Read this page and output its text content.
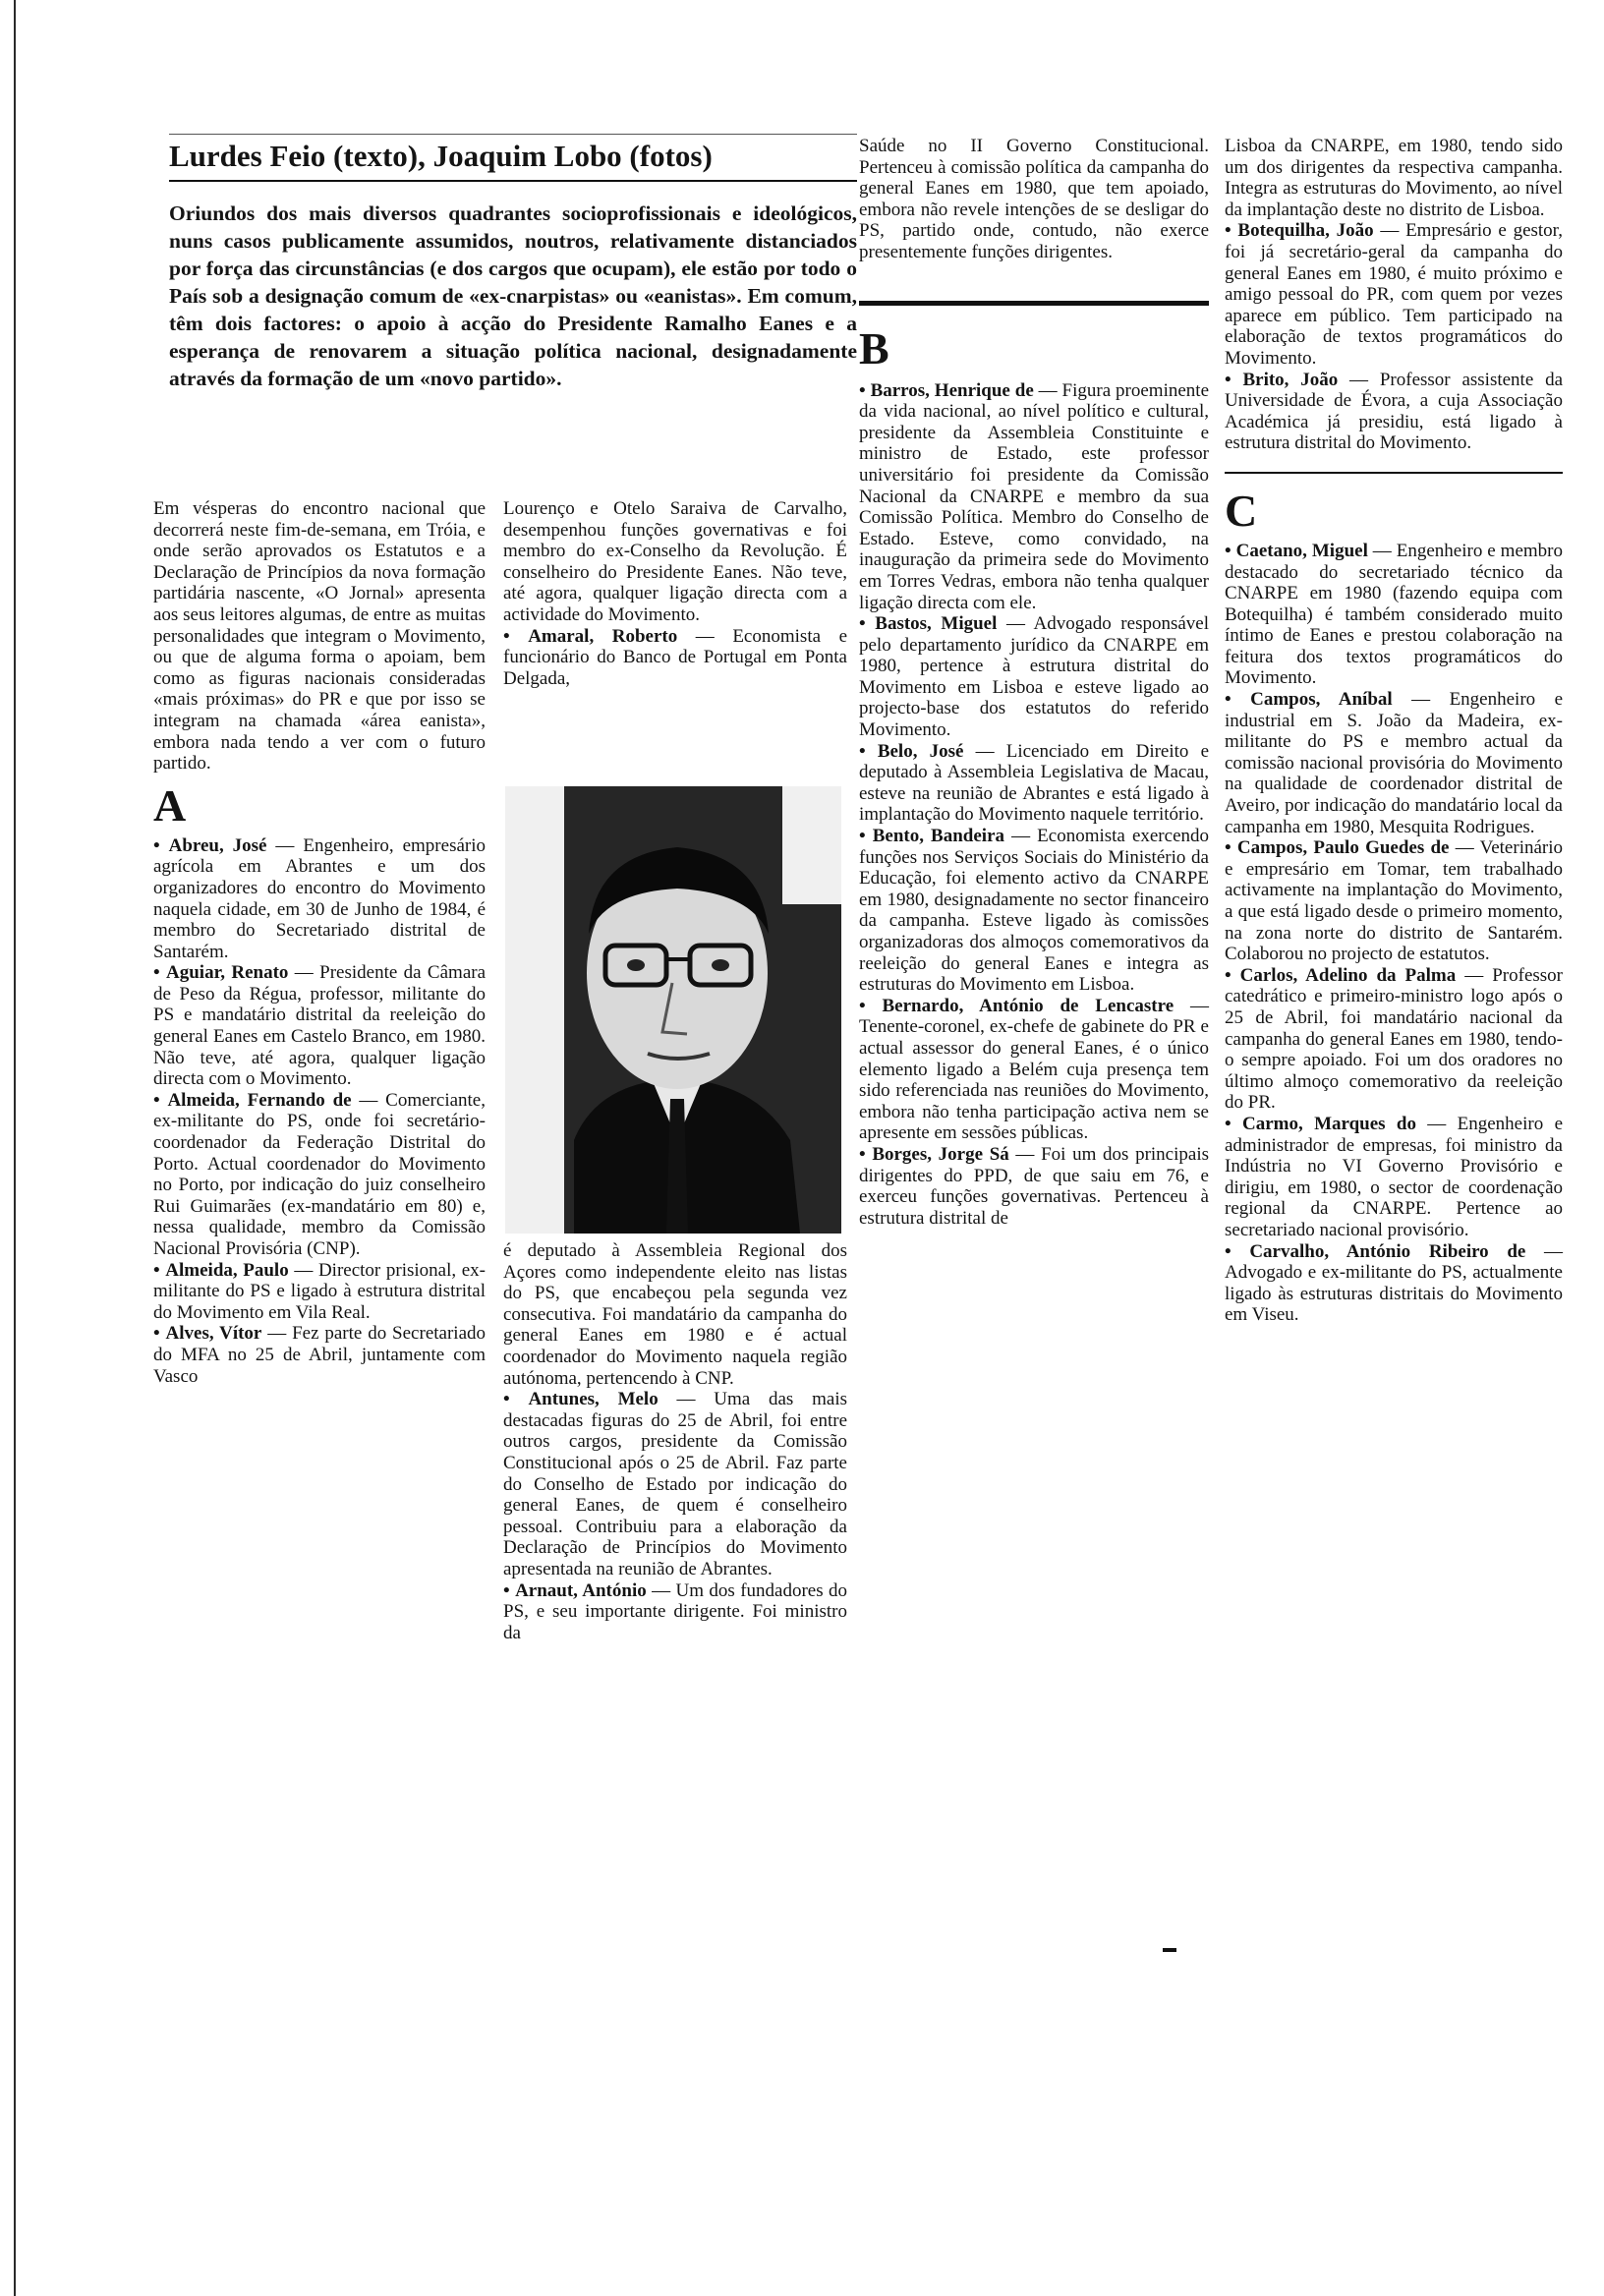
Lurdes Feio (texto), Joaquim Lobo (fotos)
Oriundos dos mais diversos quadrantes socioprofissionais e ideológicos, nuns casos publicamente assumidos, noutros, relativamente distanciados por força das circunstâncias (e dos cargos que ocupam), ele estão por todo o País sob a designação comum de «ex-cnarpistas» ou «eanistas». Em comum, têm dois factores: o apoio à acção do Presidente Ramalho Eanes e a esperança de renovarem a situação política nacional, designadamente através da formação de um «novo partido».

Em vésperas do encontro nacional que decorrerá neste fim-de-semana, em Tróia, e onde serão aprovados os Estatutos e a Declaração de Princípios da nova formação partidária nascente, «O Jornal» apresenta aos seus leitores algumas, de entre as muitas personalidades que integram o Movimento, ou que de alguma forma o apoiam, bem como as figuras nacionais consideradas «mais próximas» do PR e que por isso se integram na chamada «área eanista», embora nada tendo a ver com o futuro partido.

A

• Abreu, José — Engenheiro, empresário agrícola em Abrantes e um dos organizadores do encontro do Movimento naquela cidade, em 30 de Junho de 1984, é membro do Secretariado distrital de Santarém.

• Aguiar, Renato — Presidente da Câmara de Peso da Régua, professor, militante do PS e mandatário distrital da reeleição do general Eanes em Castelo Branco, em 1980. Não teve, até agora, qualquer ligação directa com o Movimento.

• Almeida, Fernando de — Comerciante, ex-militante do PS, onde foi secretário-coordenador da Federação Distrital do Porto. Actual coordenador do Movimento no Porto, por indicação do juiz conselheiro Rui Guimarães (ex-mandatário em 80) e, nessa qualidade, membro da Comissão Nacional Provisória (CNP).

• Almeida, Paulo — Director prisional, ex-militante do PS e ligado à estrutura distrital do Movimento em Vila Real.

• Alves, Vítor — Fez parte do Secretariado do MFA no 25 de Abril, juntamente com Vasco

Lourenço e Otelo Saraiva de Carvalho, desempenhou funções governativas e foi membro do ex-Conselho da Revolução. É conselheiro do Presidente Eanes. Não teve, até agora, qualquer ligação directa com a actividade do Movimento.

• Amaral, Roberto — Economista e funcionário do Banco de Portugal em Ponta Delgada,

é deputado à Assembleia Regional dos Açores como independente eleito nas listas do PS, que encabeçou pela segunda vez consecutiva. Foi mandatário da campanha do general Eanes em 1980 e é actual coordenador do Movimento naquela região autónoma, pertencendo à CNP.

• Antunes, Melo — Uma das mais destacadas figuras do 25 de Abril, foi entre outros cargos, presidente da Comissão Constitucional após o 25 de Abril. Faz parte do Conselho de Estado por indicação do general Eanes, de quem é conselheiro pessoal. Contribuiu para a elaboração da Declaração de Princípios do Movimento apresentada na reunião de Abrantes.

• Arnaut, António — Um dos fundadores do PS, e seu importante dirigente. Foi ministro da

Saúde no II Governo Constitucional. Pertenceu à comissão política da campanha do general Eanes em 1980, que tem apoiado, embora não revele intenções de se desligar do PS, partido onde, contudo, não exerce presentemente funções dirigentes.

B

• Barros, Henrique de — Figura proeminente da vida nacional, ao nível político e cultural, presidente da Assembleia Constituinte e ministro de Estado, este professor universitário foi presidente da Comissão Nacional da CNARPE e membro da sua Comissão Política. Membro do Conselho de Estado. Esteve, como convidado, na inauguração da primeira sede do Movimento em Torres Vedras, embora não tenha qualquer ligação directa com ele.

• Bastos, Miguel — Advogado responsável pelo departamento jurídico da CNARPE em 1980, pertence à estrutura distrital do Movimento em Lisboa e esteve ligado ao projecto-base dos estatutos do referido Movimento.

• Belo, José — Licenciado em Direito e deputado à Assembleia Legislativa de Macau, esteve na reunião de Abrantes e está ligado à implantação do Movimento naquele território.

• Bento, Bandeira — Economista exercendo funções nos Serviços Sociais do Ministério da Educação, foi elemento activo da CNARPE em 1980, designadamente no sector financeiro da campanha. Esteve ligado às comissões organizadoras dos almoços comemorativos da reeleição do general Eanes e integra as estruturas do Movimento em Lisboa.

• Bernardo, António de Lencastre — Tenente-coronel, ex-chefe de gabinete do PR e actual assessor do general Eanes, é o único elemento ligado a Belém cuja presença tem sido referenciada nas reuniões do Movimento, embora não tenha participação activa nem se apresente em sessões públicas.

• Borges, Jorge Sá — Foi um dos principais dirigentes do PPD, de que saiu em 76, e exerceu funções governativas. Pertenceu à estrutura distrital de

Lisboa da CNARPE, em 1980, tendo sido um dos dirigentes da respectiva campanha. Integra as estruturas do Movimento, ao nível da implantação deste no distrito de Lisboa.

• Botequilha, João — Empresário e gestor, foi já secretário-geral da campanha do general Eanes em 1980, é muito próximo e amigo pessoal do PR, com quem por vezes aparece em público. Tem participado na elaboração de textos programáticos do Movimento.

• Brito, João — Professor assistente da Universidade de Évora, a cuja Associação Académica já presidiu, está ligado à estrutura distrital do Movimento.

C

• Caetano, Miguel — Engenheiro e membro destacado do secretariado técnico da CNARPE em 1980 (fazendo equipa com Botequilha) é também considerado muito íntimo de Eanes e prestou colaboração na feitura dos textos programáticos do Movimento.

• Campos, Aníbal — Engenheiro e industrial em S. João da Madeira, ex-militante do PS e membro actual da comissão nacional provisória do Movimento na qualidade de coordenador distrital de Aveiro, por indicação do mandatário local da campanha em 1980, Mesquita Rodrigues.

• Campos, Paulo Guedes de — Veterinário e empresário em Tomar, tem trabalhado activamente na implantação do Movimento, a que está ligado desde o primeiro momento, na zona norte do distrito de Santarém. Colaborou no projecto de estatutos.

• Carlos, Adelino da Palma — Professor catedrático e primeiro-ministro logo após o 25 de Abril, foi mandatário nacional da campanha do general Eanes em 1980, tendo-o sempre apoiado. Foi um dos oradores no último almoço comemorativo da reeleição do PR.

• Carmo, Marques do — Engenheiro e administrador de empresas, foi ministro da Indústria no VI Governo Provisório e dirigiu, em 1980, o sector de coordenação regional da CNARPE. Pertence ao secretariado nacional provisório.

• Carvalho, António Ribeiro de — Advogado e ex-militante do PS, actualmente ligado às estruturas distritais do Movimento em Viseu.
